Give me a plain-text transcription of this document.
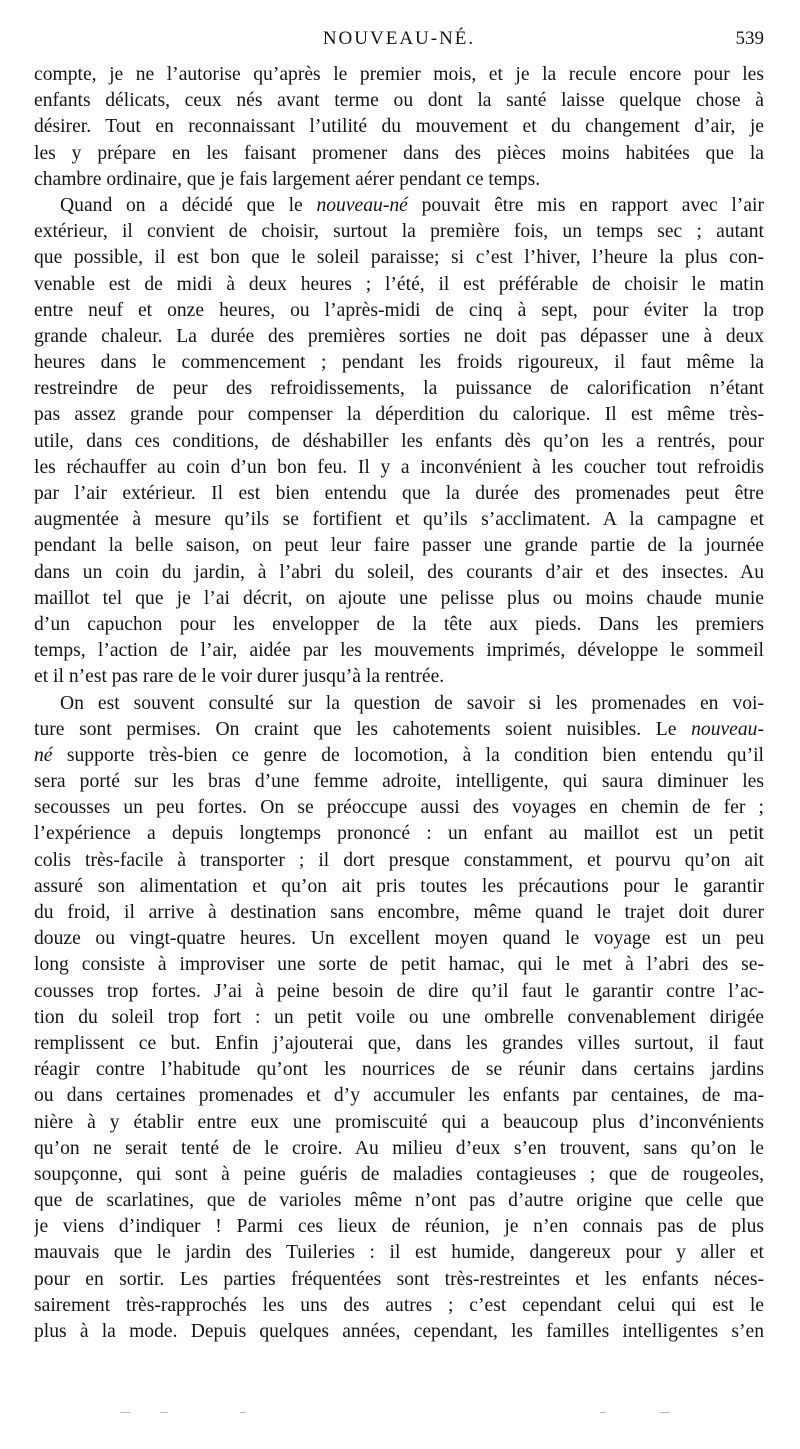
NOUVEAU-NÉ.	539
compte, je ne l’autorise qu’après le premier mois, et je la recule encore pour les
enfants délicats, ceux nés avant terme ou dont la santé laisse quelque chose à
désirer. Tout en reconnaissant l’utilité du mouvement et du changement d’air, je
les y prépare en les faisant promener dans des pièces moins habitées que la
chambre ordinaire, que je fais largement aérer pendant ce temps.
Quand on a décidé que le nouveau-né pouvait être mis en rapport avec l’air
extérieur, il convient de choisir, surtout la première fois, un temps sec ; autant
que possible, il est bon que le soleil paraisse; si c’est l’hiver, l’heure la plus con-
venable est de midi à deux heures ; l’été, il est préférable de choisir le matin
entre neuf et onze heures, ou l’après-midi de cinq à sept, pour éviter la trop
grande chaleur. La durée des premières sorties ne doit pas dépasser une à deux
heures dans le commencement ; pendant les froids rigoureux, il faut même la
restreindre de peur des refroidissements, la puissance de calorification n’étant
pas assez grande pour compenser la déperdition du calorique. Il est même très-
utile, dans ces conditions, de déshabiller les enfants dès qu’on les a rentrés, pour
les réchauffer au coin d’un bon feu. Il y a inconvénient à les coucher tout refroidis
par l’air extérieur. Il est bien entendu que la durée des promenades peut être
augmentée à mesure qu’ils se fortifient et qu’ils s’acclimatent. A la campagne et
pendant la belle saison, on peut leur faire passer une grande partie de la journée
dans un coin du jardin, à l’abri du soleil, des courants d’air et des insectes. Au
maillot tel que je l’ai décrit, on ajoute une pelisse plus ou moins chaude munie
d’un capuchon pour les envelopper de la tête aux pieds. Dans les premiers
temps, l’action de l’air, aidée par les mouvements imprimés, développe le sommeil
et il n’est pas rare de le voir durer jusqu’à la rentrée.
On est souvent consulté sur la question de savoir si les promenades en voi-
ture sont permises. On craint que les cahotements soient nuisibles. Le nouveau-
né supporte très-bien ce genre de locomotion, à la condition bien entendu qu’il
sera porté sur les bras d’une femme adroite, intelligente, qui saura diminuer les
secousses un peu fortes. On se préoccupe aussi des voyages en chemin de fer ;
l’expérience a depuis longtemps prononcé : un enfant au maillot est un petit
colis très-facile à transporter ; il dort presque constamment, et pourvu qu’on ait
assuré son alimentation et qu’on ait pris toutes les précautions pour le garantir
du froid, il arrive à destination sans encombre, même quand le trajet doit durer
douze ou vingt-quatre heures. Un excellent moyen quand le voyage est un peu
long consiste à improviser une sorte de petit hamac, qui le met à l’abri des se-
cousses trop fortes. J’ai à peine besoin de dire qu’il faut le garantir contre l’ac-
tion du soleil trop fort : un petit voile ou une ombrelle convenablement dirigée
remplissent ce but. Enfin j’ajouterai que, dans les grandes villes surtout, il faut
réagir contre l’habitude qu’ont les nourrices de se réunir dans certains jardins
ou dans certaines promenades et d’y accumuler les enfants par centaines, de ma-
nière à y établir entre eux une promiscuité qui a beaucoup plus d’inconvénients
qu’on ne serait tenté de le croire. Au milieu d’eux s’en trouvent, sans qu’on le
soupçonne, qui sont à peine guéris de maladies contagieuses ; que de rougeoles,
que de scarlatines, que de varioles même n’ont pas d’autre origine que celle que
je viens d’indiquer ! Parmi ces lieux de réunion, je n’en connais pas de plus
mauvais que le jardin des Tuileries : il est humide, dangereux pour y aller et
pour en sortir. Les parties fréquentées sont très-restreintes et les enfants néces-
sairement très-rapprochés les uns des autres ; c’est cependant celui qui est le
plus à la mode. Depuis quelques années, cependant, les familles intelligentes s’en
